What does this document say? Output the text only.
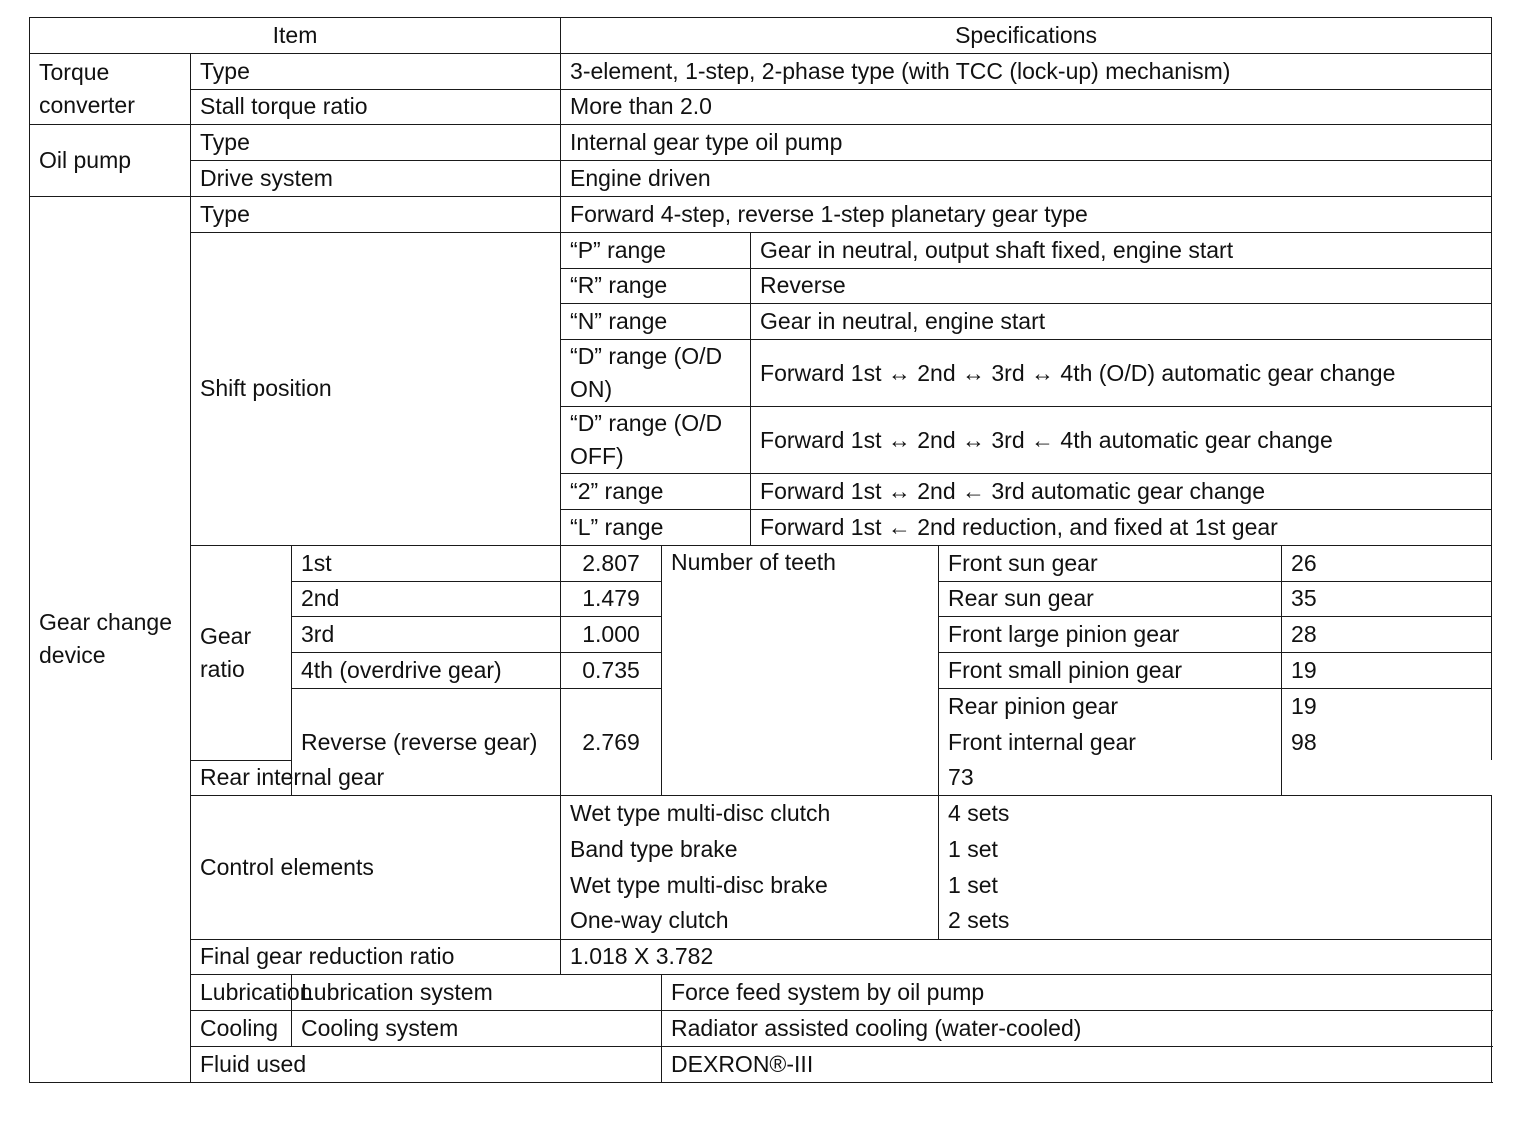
Item			Specifications				
Torque converter	Type		3-element, 1-step, 2-phase type (with TCC (lock-up) mechanism)				
	Stall torque ratio		More than 2.0				
Oil pump	Type		Internal gear type oil pump				
	Drive system		Engine driven				
Gear change device	Type		Forward 4-step, reverse 1-step planetary gear type				
	Shift position		“P” range		Gear in neutral, output shaft fixed, engine start		
			“R” range		Reverse		
			“N” range		Gear in neutral, engine start		
			“D” range (O/D ON)		Forward 1st ↔ 2nd ↔ 3rd ↔ 4th (O/D) automatic gear change		
			“D” range (O/D OFF)		Forward 1st ↔ 2nd ↔ 3rd ← 4th automatic gear change		
			“2” range		Forward 1st ↔ 2nd ← 3rd automatic gear change		
			“L” range		Forward 1st ← 2nd reduction, and fixed at 1st gear		
	Gear ratio	1st	2.807	Number of teeth		Front sun gear	26
		2nd	1.479			Rear sun gear	35
		3rd	1.000			Front large pinion gear	28
		4th (overdrive gear)	0.735			Front small pinion gear	19
		Reverse (reverse gear)	2.769			Rear pinion gear	19
						Front internal gear	98
	Rear internal gear					73	
	Control elements		Wet type multi-disc clutch			4 sets	
			Band type brake			1 set	
			Wet type multi-disc brake			1 set	
			One-way clutch			2 sets	
	Final gear reduction ratio		1.018 X 3.782				
	Lubrication	Lubrication system		Force feed system by oil pump			
	Cooling	Cooling system		Radiator assisted cooling (water-cooled)			
	Fluid used			DEXRON®-III			
